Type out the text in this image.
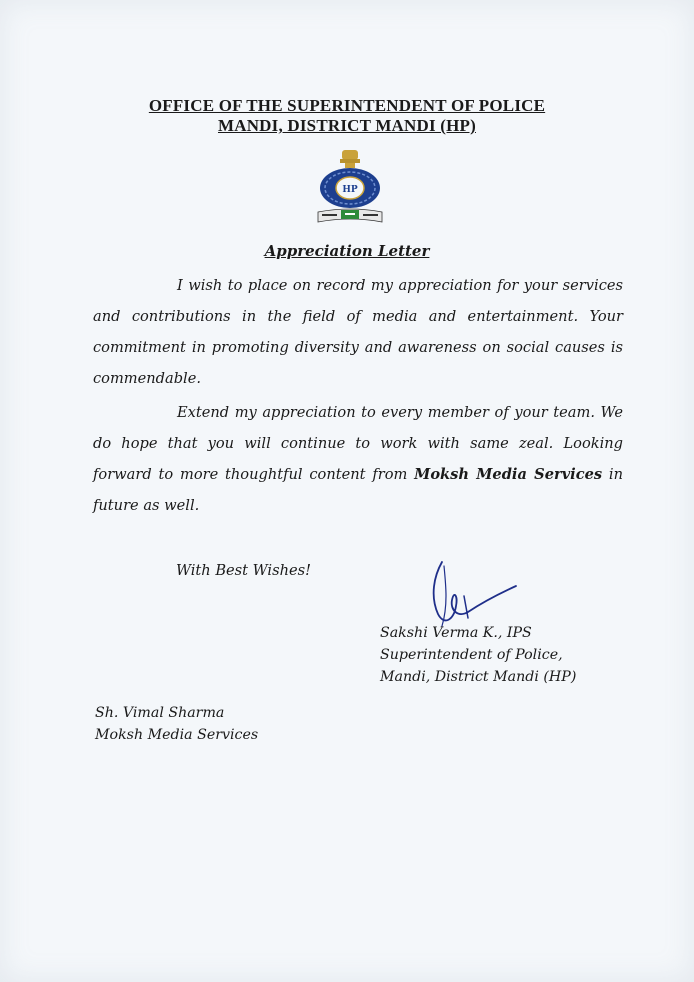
OFFICE OF THE SUPERINTENDENT OF POLICE
MANDI, DISTRICT MANDI (HP)
HP
Appreciation Letter

I wish to place on record my appreciation for your services and contributions in the field of media and entertainment. Your commitment in promoting diversity and awareness on social causes is commendable.

Extend my appreciation to every member of your team. We do hope that you will continue to work with same zeal. Looking forward to more thoughtful content from Moksh Media Services in future as well.

With Best Wishes!
Sakshi Verma K., IPS
Superintendent of Police,
Mandi, District Mandi (HP)
Sh. Vimal Sharma
Moksh Media Services
